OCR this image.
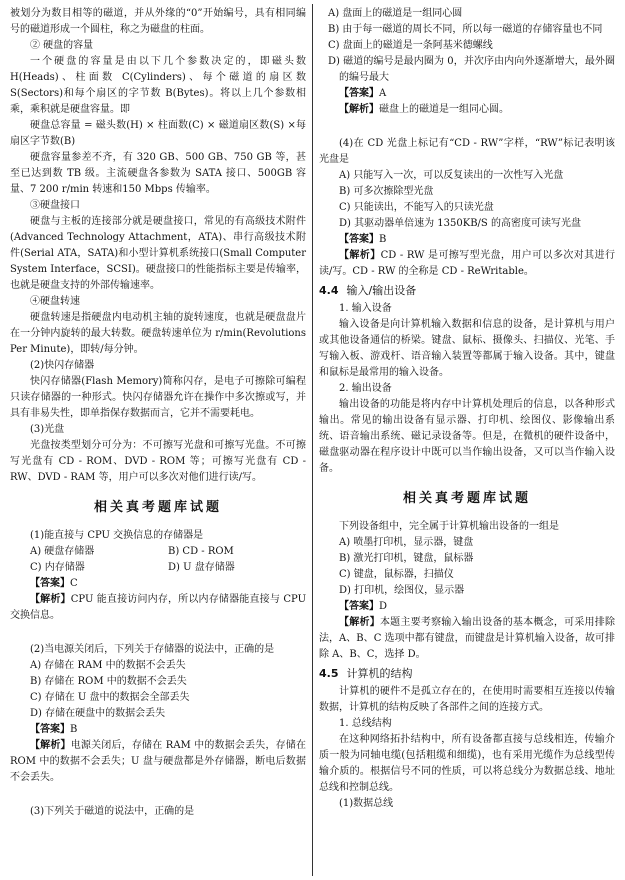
被划分为数目相等的磁道，并从外缘的“0”开始编号，具有相同编号的磁道形成一个圆柱，称之为磁盘的柱面。

② 硬盘的容量

一个硬盘的容量是由以下几个参数决定的，即磁头数 H(Heads)、柱面数 C(Cylinders)、每个磁道的扇区数 S(Sectors)和每个扇区的字节数 B(Bytes)。将以上几个参数相乘，乘积就是硬盘容量。即

硬盘总容量 = 磁头数(H) × 柱面数(C) × 磁道扇区数(S) ×每扇区字节数(B)

硬盘容量参差不齐，有 320 GB、500 GB、750 GB 等，甚至已达到数 TB 级。主流硬盘各参数为 SATA 接口、500GB 容量、7 200 r/min 转速和150 Mbps 传输率。

③硬盘接口

硬盘与主板的连接部分就是硬盘接口，常见的有高级技术附件(Advanced Technology Attachment，ATA)、串行高级技术附件(Serial ATA，SATA)和小型计算机系统接口(Small Computer System Interface，SCSI)。硬盘接口的性能指标主要是传输率，也就是硬盘支持的外部传输速率。

④硬盘转速

硬盘转速是指硬盘内电动机主轴的旋转速度，也就是硬盘盘片在一分钟内旋转的最大转数。硬盘转速单位为 r/min(Revolutions Per Minute)，即转/每分钟。

(2)快闪存储器

快闪存储器(Flash Memory)简称闪存，是电子可擦除可编程只读存储器的一种形式。快闪存储器允许在操作中多次擦或写，并具有非易失性，即单指保存数据而言，它并不需要耗电。

(3)光盘

光盘按类型划分可分为：不可擦写光盘和可擦写光盘。不可擦写光盘有 CD - ROM、DVD - ROM 等；可擦写光盘有 CD - RW、DVD - RAM 等，用户可以多次对他们进行读/写。

相关真考题库试题

(1)能直接与 CPU 交换信息的存储器是

A) 硬盘存储器	B) CD - ROM
C) 内存储器	D) U 盘存储器

【答案】C

【解析】CPU 能直接访问内存，所以内存储器能直接与 CPU 交换信息。

(2)当电源关闭后，下列关于存储器的说法中，正确的是

A) 存储在 RAM 中的数据不会丢失

B) 存储在 ROM 中的数据不会丢失

C) 存储在 U 盘中的数据会全部丢失

D) 存储在硬盘中的数据会丢失

【答案】B

【解析】电源关闭后，存储在 RAM 中的数据会丢失，存储在 ROM 中的数据不会丢失；U 盘与硬盘都是外存储器，断电后数据不会丢失。

(3)下列关于磁道的说法中，正确的是

A) 盘面上的磁道是一组同心圆

B) 由于每一磁道的周长不同，所以每一磁道的存储容量也不同

C) 盘面上的磁道是一条阿基米德螺线

D) 磁道的编号是最内圈为 0，并次序由内向外逐渐增大，最外圈的编号最大

【答案】A

【解析】磁盘上的磁道是一组同心圆。

(4)在 CD 光盘上标记有“CD - RW”字样，“RW”标记表明该光盘是

A) 只能写入一次，可以反复读出的一次性写入光盘

B) 可多次擦除型光盘

C) 只能读出，不能写入的只读光盘

D) 其驱动器单倍速为 1350KB/S 的高密度可读写光盘

【答案】B

【解析】CD - RW 是可擦写型光盘，用户可以多次对其进行读/写。CD - RW 的全称是 CD - ReWritable。

4.4 输入/输出设备

1. 输入设备

输入设备是向计算机输入数据和信息的设备，是计算机与用户或其他设备通信的桥梁。键盘、鼠标、摄像头、扫描仪、光笔、手写输入板、游戏杆、语音输入装置等都属于输入设备。其中，键盘和鼠标是最常用的输入设备。

2. 输出设备

输出设备的功能是将内存中计算机处理后的信息，以各种形式输出。常见的输出设备有显示器、打印机、绘图仪、影像输出系统、语音输出系统、磁记录设备等。但是，在微机的硬件设备中，磁盘驱动器在程序设计中既可以当作输出设备，又可以当作输入设备。

相关真考题库试题

下列设备组中，完全属于计算机输出设备的一组是

A) 喷墨打印机，显示器，键盘

B) 激光打印机，键盘，鼠标器

C) 键盘，鼠标器，扫描仪

D) 打印机，绘图仪，显示器

【答案】D

【解析】本题主要考察输入输出设备的基本概念，可采用排除法，A、B、C 选项中都有键盘，而键盘是计算机输入设备，故可排除 A、B、C，选择 D。

4.5 计算机的结构

计算机的硬件不是孤立存在的，在使用时需要相互连接以传输数据，计算机的结构反映了各部件之间的连接方式。

1. 总线结构

在这种网络拓扑结构中，所有设备都直接与总线相连，传输介质一般为同轴电缆(包括粗缆和细缆)，也有采用光缆作为总线型传输介质的。根据信号不同的性质，可以将总线分为数据总线、地址总线和控制总线。

(1)数据总线
